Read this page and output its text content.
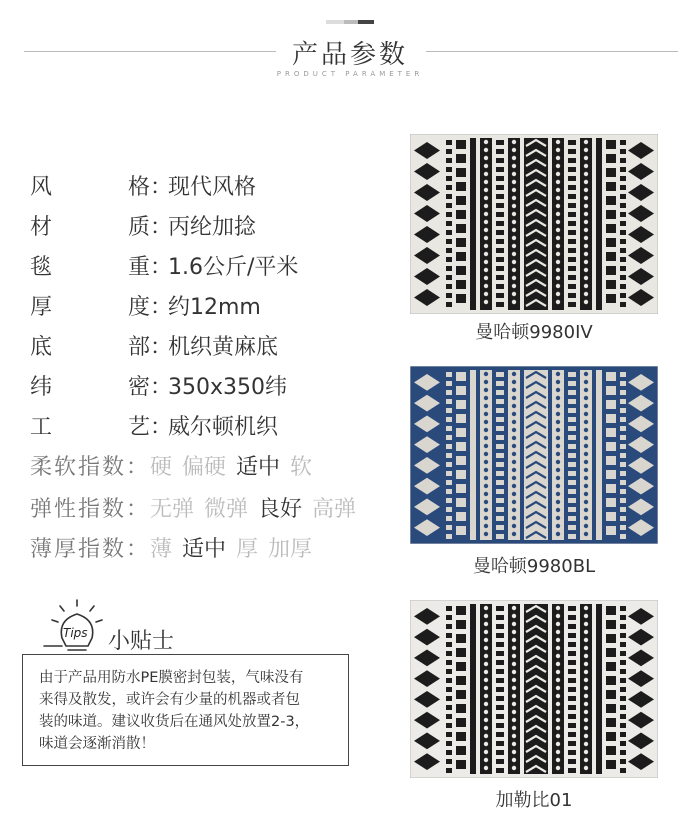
产品参数
PRODUCT PARAMETER
风	格 ：
现代风格
材	质 ：
丙纶加捻
毯	重 ：
1.6公斤/平米
厚	度 ：
约12mm
底	部 ：
机织黄麻底
纬	密 ：
350x350纬
工	艺 ：
威尔顿机织
柔软指数 ： 硬 偏硬 适中 软
弹性指数 ： 无弹 微弹 良好 高弹
薄厚指数 ： 薄 适中 厚 加厚
曼哈顿9980IV
曼哈顿9980BL
加勒比01
Tips 小贴士
由于产品用防水PE膜密封包装，气味没有
来得及散发，或许会有少量的机器或者包
装的味道。建议收货后在通风处放置2-3，
味道会逐渐消散！
